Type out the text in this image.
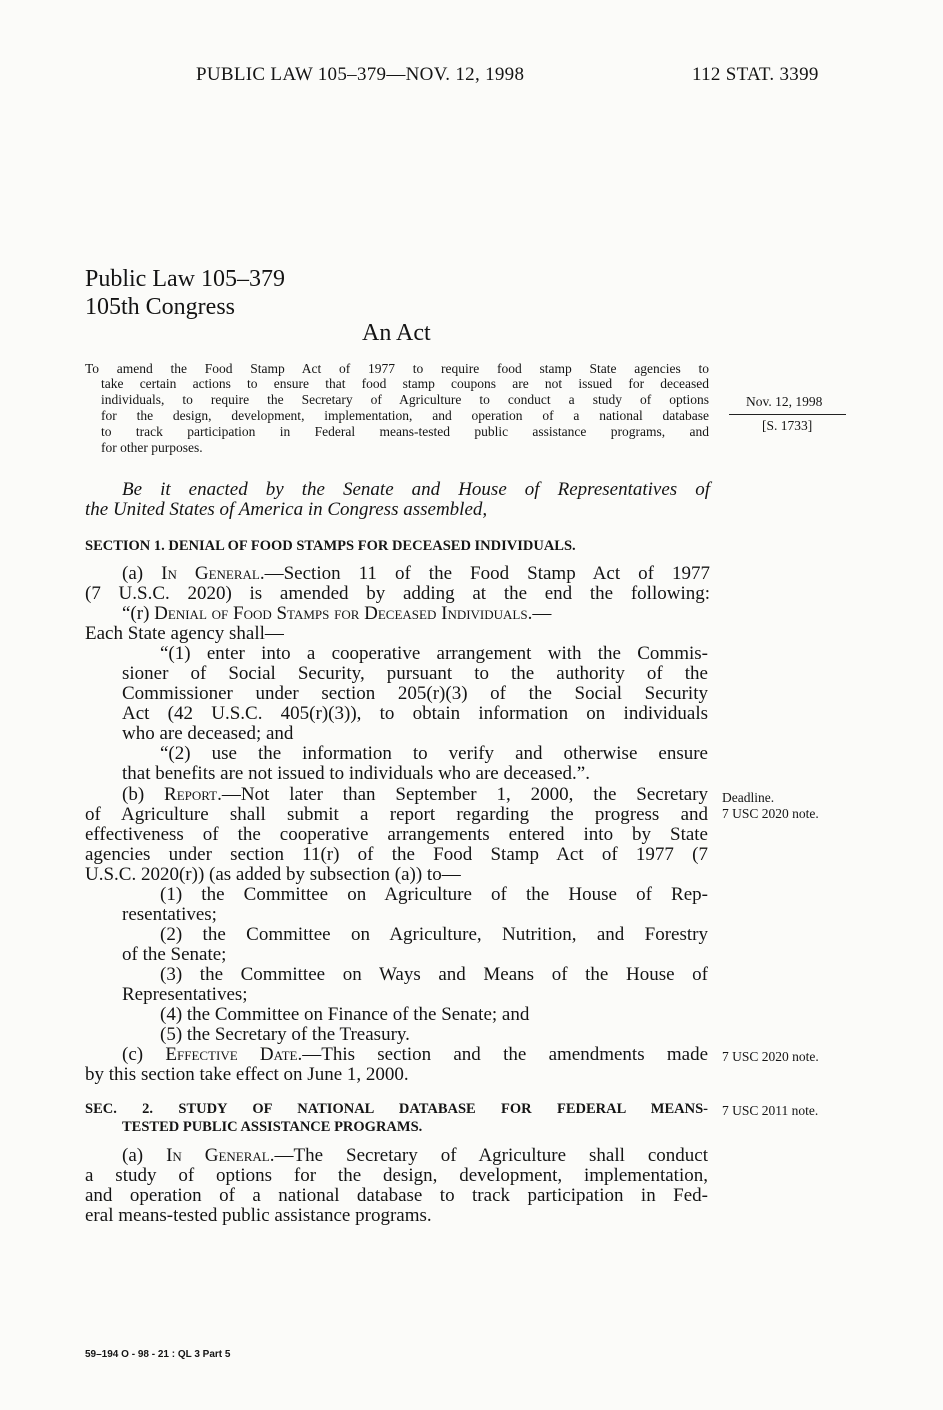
PUBLIC LAW 105–379—NOV. 12, 1998	112 STAT. 3399
Public Law 105–379
105th Congress
An Act
To amend the Food Stamp Act of 1977 to require food stamp State agencies to
take certain actions to ensure that food stamp coupons are not issued for deceased
individuals, to require the Secretary of Agriculture to conduct a study of options
for the design, development, implementation, and operation of a national database
to track participation in Federal means-tested public assistance programs, and
for other purposes.
Nov. 12, 1998
[S. 1733]
Be it enacted by the Senate and House of Representatives of
the United States of America in Congress assembled,
SECTION 1. DENIAL OF FOOD STAMPS FOR DECEASED INDIVIDUALS.
(a) In General.—Section 11 of the Food Stamp Act of 1977
(7 U.S.C. 2020) is amended by adding at the end the following:
“(r) Denial of Food Stamps for Deceased Individuals.—
Each State agency shall—
“(1) enter into a cooperative arrangement with the Commis-
sioner of Social Security, pursuant to the authority of the
Commissioner under section 205(r)(3) of the Social Security
Act (42 U.S.C. 405(r)(3)), to obtain information on individuals
who are deceased; and
“(2) use the information to verify and otherwise ensure
that benefits are not issued to individuals who are deceased.”.
(b) Report.—Not later than September 1, 2000, the Secretary
of Agriculture shall submit a report regarding the progress and
effectiveness of the cooperative arrangements entered into by State
agencies under section 11(r) of the Food Stamp Act of 1977 (7
U.S.C. 2020(r)) (as added by subsection (a)) to—
Deadline.
7 USC 2020 note.
(1) the Committee on Agriculture of the House of Rep-
resentatives;
(2) the Committee on Agriculture, Nutrition, and Forestry
of the Senate;
(3) the Committee on Ways and Means of the House of
Representatives;
(4) the Committee on Finance of the Senate; and
(5) the Secretary of the Treasury.
(c) Effective Date.—This section and the amendments made
by this section take effect on June 1, 2000.
7 USC 2020 note.
SEC. 2. STUDY OF NATIONAL DATABASE FOR FEDERAL MEANS-
TESTED PUBLIC ASSISTANCE PROGRAMS.
7 USC 2011 note.
(a) In General.—The Secretary of Agriculture shall conduct
a study of options for the design, development, implementation,
and operation of a national database to track participation in Fed-
eral means-tested public assistance programs.
59–194 O - 98 - 21 : QL 3 Part 5
